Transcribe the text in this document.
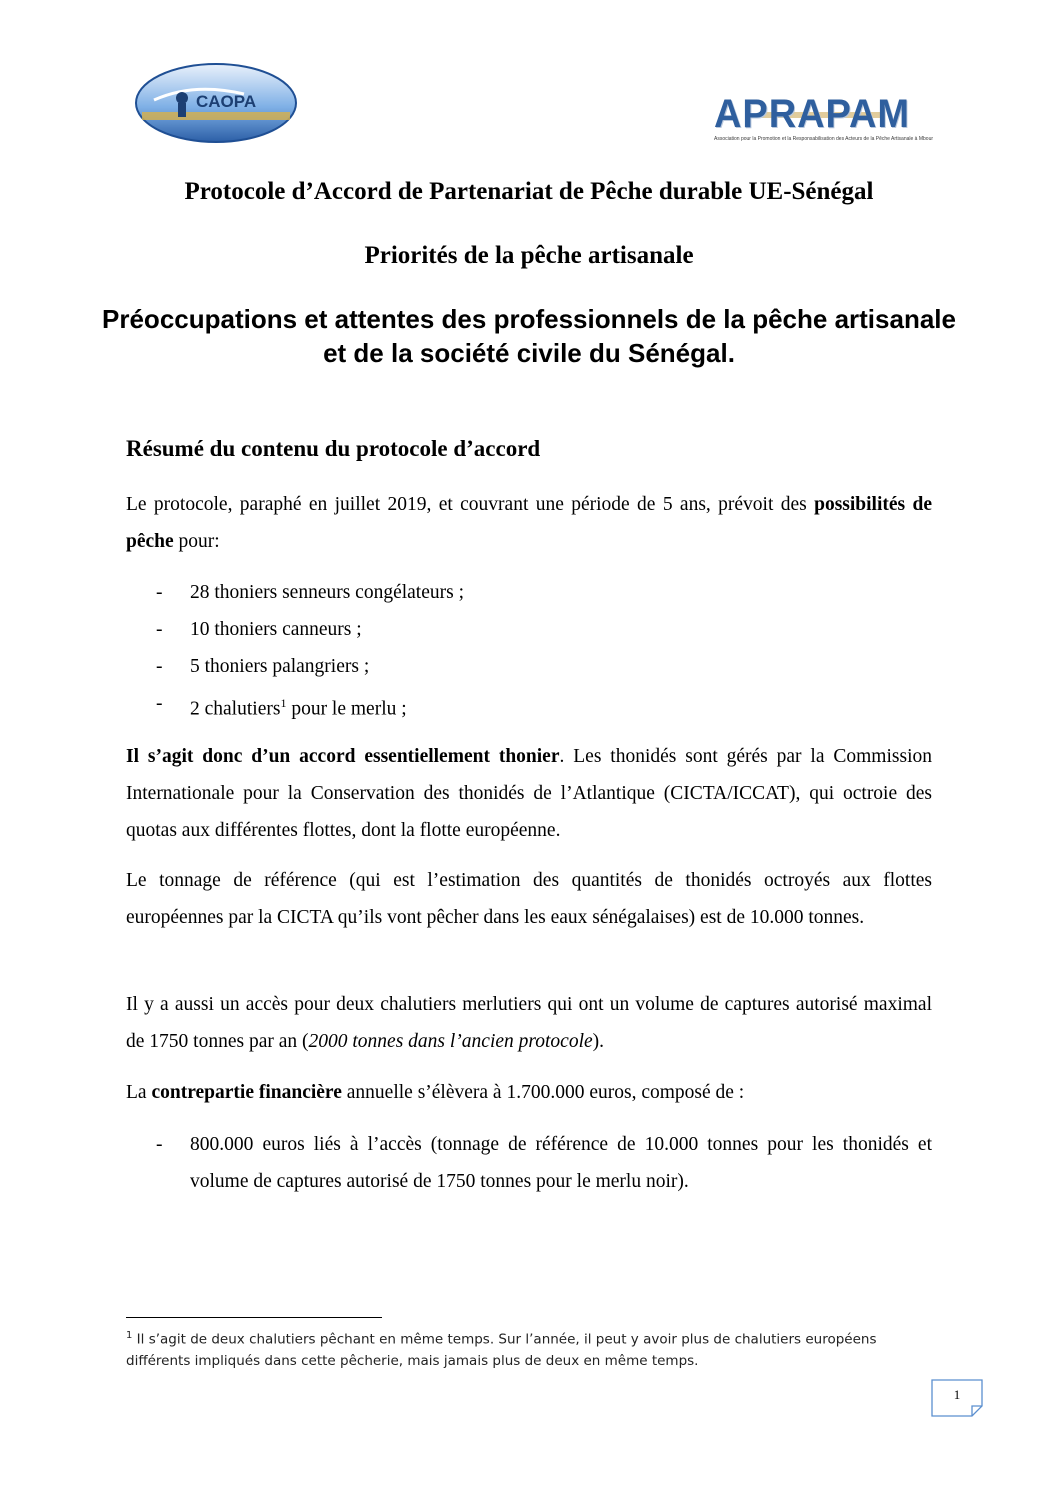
CAOPA	APRAPAM
Association pour la Promotion et la Responsabilisation des Acteurs de la Pêche Artisanale à Mbour
Protocole d’Accord de Partenariat de Pêche durable UE-Sénégal
Priorités de la pêche artisanale
Préoccupations et attentes des professionnels de la pêche artisanale et de la société civile du Sénégal.
Résumé du contenu du protocole d’accord

Le protocole, paraphé en juillet 2019, et couvrant une période de 5 ans, prévoit des possibilités de pêche pour:

- 28 thoniers senneurs congélateurs ;
- 10 thoniers canneurs ;
- 5 thoniers palangriers ;
- 2 chalutiers$^1$ pour le merlu ;

Il s’agit donc d’un accord essentiellement thonier. Les thonidés sont gérés par la Commission Internationale pour la Conservation des thonidés de l’Atlantique (CICTA/ICCAT), qui octroie des quotas aux différentes flottes, dont la flotte européenne.

Le tonnage de référence (qui est l’estimation des quantités de thonidés octroyés aux flottes européennes par la CICTA qu’ils vont pêcher dans les eaux sénégalaises) est de 10.000 tonnes.

Il y a aussi un accès pour deux chalutiers merlutiers qui ont un volume de captures autorisé maximal de 1750 tonnes par an (2000 tonnes dans l’ancien protocole).

La contrepartie financière annuelle s’élèvera à 1.700.000 euros, composé de :

- 800.000 euros liés à l’accès (tonnage de référence de 10.000 tonnes pour les thonidés et volume de captures autorisé de 1750 tonnes pour le merlu noir).
$^1$ Il s’agit de deux chalutiers pêchant en même temps. Sur l’année, il peut y avoir plus de chalutiers européens différents impliqués dans cette pêcherie, mais jamais plus de deux en même temps.
1
